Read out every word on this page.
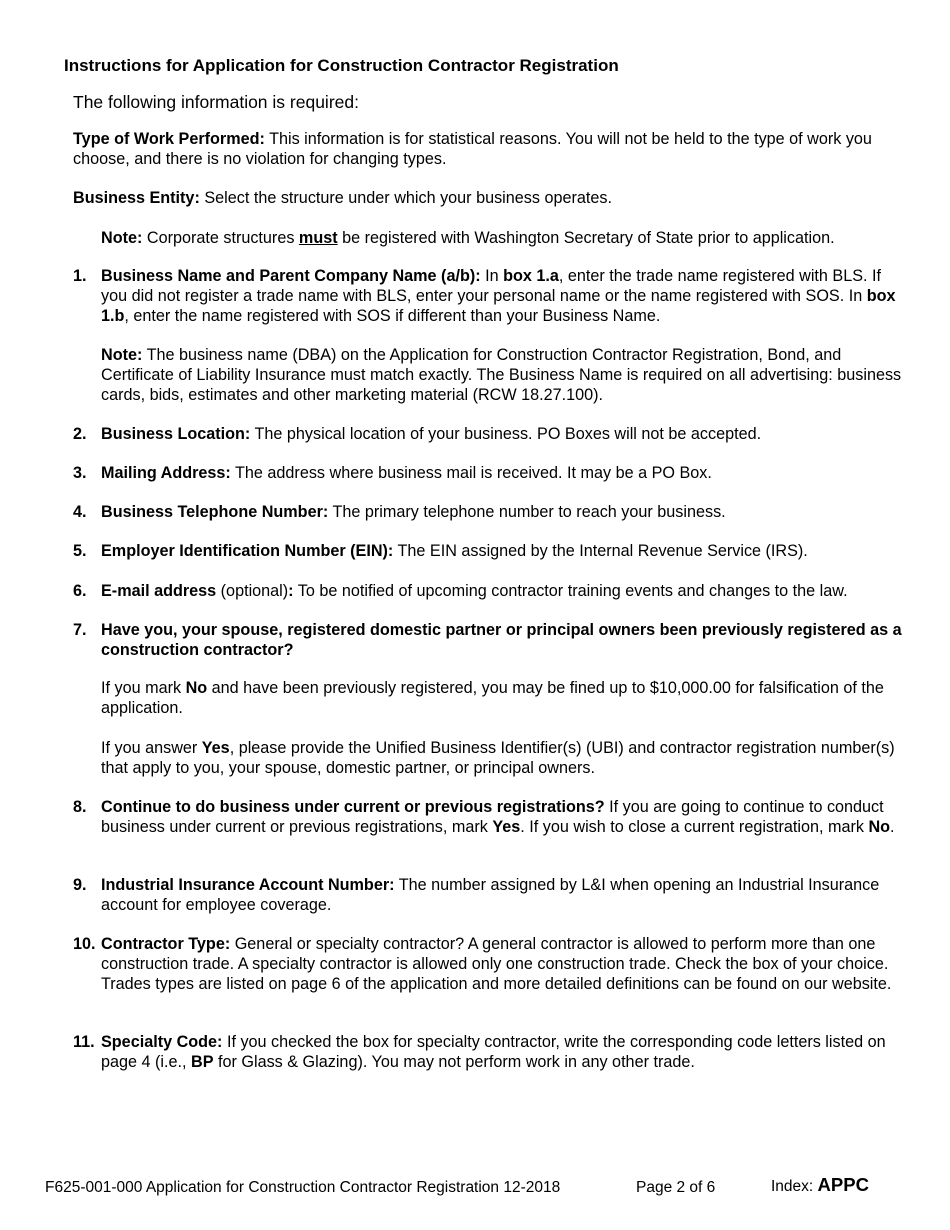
Instructions for Application for Construction Contractor Registration
The following information is required:
Type of Work Performed: This information is for statistical reasons. You will not be held to the type of work you choose, and there is no violation for changing types.
Business Entity: Select the structure under which your business operates.
Note: Corporate structures must be registered with Washington Secretary of State prior to application.
1. Business Name and Parent Company Name (a/b): In box 1.a, enter the trade name registered with BLS. If you did not register a trade name with BLS, enter your personal name or the name registered with SOS. In box 1.b, enter the name registered with SOS if different than your Business Name.
Note: The business name (DBA) on the Application for Construction Contractor Registration, Bond, and Certificate of Liability Insurance must match exactly. The Business Name is required on all advertising: business cards, bids, estimates and other marketing material (RCW 18.27.100).
2. Business Location: The physical location of your business. PO Boxes will not be accepted.
3. Mailing Address: The address where business mail is received. It may be a PO Box.
4. Business Telephone Number: The primary telephone number to reach your business.
5. Employer Identification Number (EIN): The EIN assigned by the Internal Revenue Service (IRS).
6. E-mail address (optional): To be notified of upcoming contractor training events and changes to the law.
7. Have you, your spouse, registered domestic partner or principal owners been previously registered as a construction contractor?
If you mark No and have been previously registered, you may be fined up to $10,000.00 for falsification of the application.
If you answer Yes, please provide the Unified Business Identifier(s) (UBI) and contractor registration number(s) that apply to you, your spouse, domestic partner, or principal owners.
8. Continue to do business under current or previous registrations? If you are going to continue to conduct business under current or previous registrations, mark Yes. If you wish to close a current registration, mark No.
9. Industrial Insurance Account Number: The number assigned by L&I when opening an Industrial Insurance account for employee coverage.
10. Contractor Type: General or specialty contractor? A general contractor is allowed to perform more than one construction trade. A specialty contractor is allowed only one construction trade. Check the box of your choice. Trades types are listed on page 6 of the application and more detailed definitions can be found on our website.
11. Specialty Code: If you checked the box for specialty contractor, write the corresponding code letters listed on page 4 (i.e., BP for Glass & Glazing). You may not perform work in any other trade.
F625-001-000 Application for Construction Contractor Registration 12-2018	Page 2 of 6	Index: APPC
